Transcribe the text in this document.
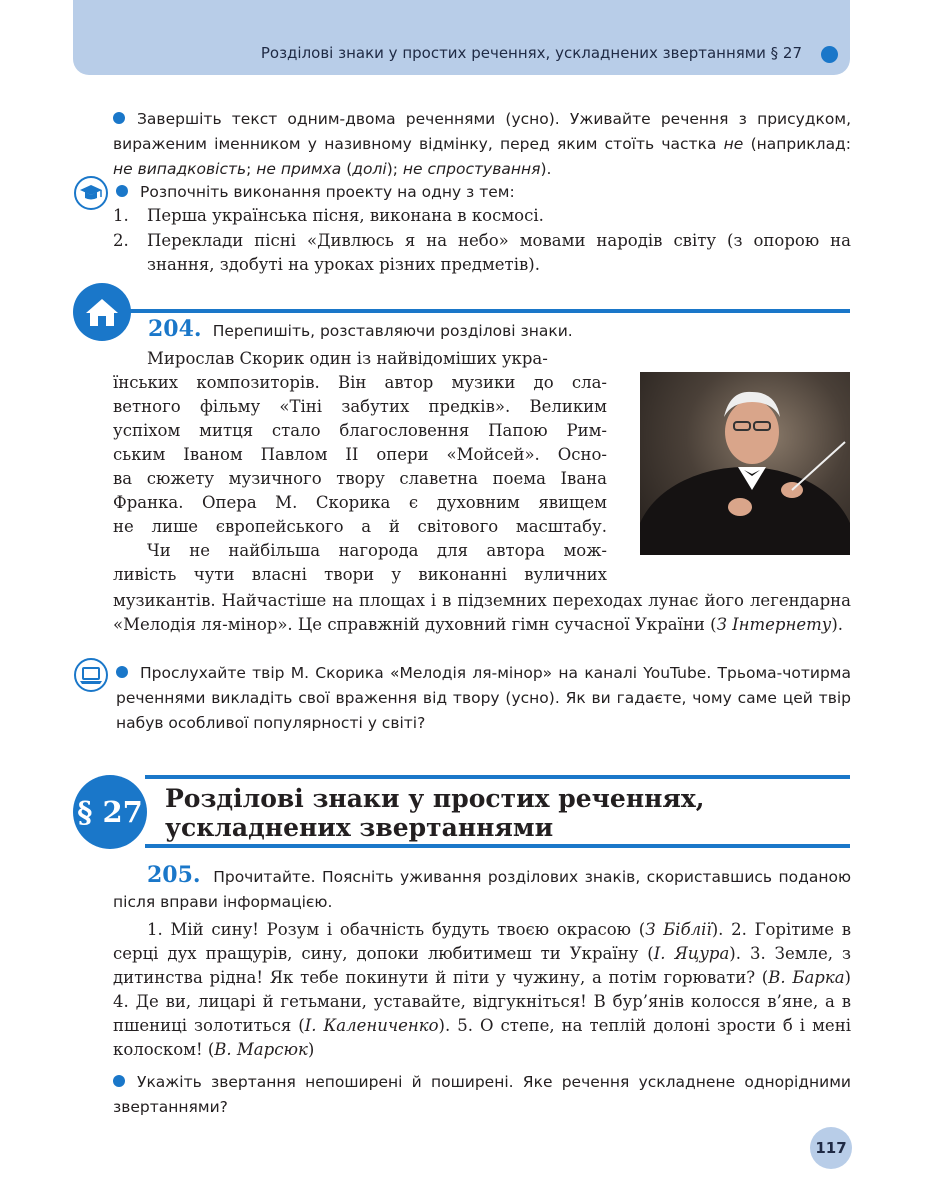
Розділові знаки у простих реченнях, ускладнених звертаннями § 27
Завершіть текст одним-двома реченнями (усно). Уживайте речення з присудком, вираженим іменником у називному відмінку, перед яким стоїть частка не (наприклад: не випадковість; не примха (долі); не спростування).
Розпочніть виконання проекту на одну з тем:
1. Перша українська пісня, виконана в космосі.
2. Переклади пісні «Дивлюсь я на небо» мовами народів світу (з опорою на знання, здобуті на уроках різних предметів).
204. Перепишіть, розставляючи розділові знаки.
Мирослав Скорик один із найвідоміших укра-
їнських композиторів. Він автор музики до сла-
ветного фільму «Тіні забутих предків». Великим
успіхом митця стало благословення Папою Рим-
ським Іваном Павлом ІІ опери «Мойсей». Осно-
ва сюжету музичного твору славетна поема Івана
Франка. Опера М. Скорика є духовним явищем
не лише європейського а й світового масштабу.
Чи не найбільша нагорода для автора мож-
ливість чути власні твори у виконанні вуличних
музикантів. Найчастіше на площах і в підземних переходах лунає його легендарна «Мелодія ля-мінор». Це справжній духовний гімн сучасної України (З Інтернету).
Прослухайте твір М. Скорика «Мелодія ля-мінор» на каналі YouTube. Трьома-чотирма реченнями викладіть свої враження від твору (усно). Як ви гадаєте, чому саме цей твір набув особливої популярності у світі?
§ 27 Розділові знаки у простих реченнях, ускладнених звертаннями
205. Прочитайте. Поясніть уживання розділових знаків, скориставшись поданою після вправи інформацією.
1. Мій сину! Розум і обачність будуть твоєю окрасою (З Біблії). 2. Горітиме в серці дух пращурів, сину, допоки любитимеш ти Україну (І. Яцура). 3. Земле, з дитинства рідна! Як тебе покинути й піти у чужину, а потім горювати? (В. Барка) 4. Де ви, лицарі й гетьмани, уставайте, відгукніться! В бур’янів колосся в’яне, а в пшениці золотиться (І. Калениченко). 5. О степе, на теплій долоні зрости б і мені колоском! (В. Марсюк)
Укажіть звертання непоширені й поширені. Яке речення ускладнене однорідними звертаннями?
117
